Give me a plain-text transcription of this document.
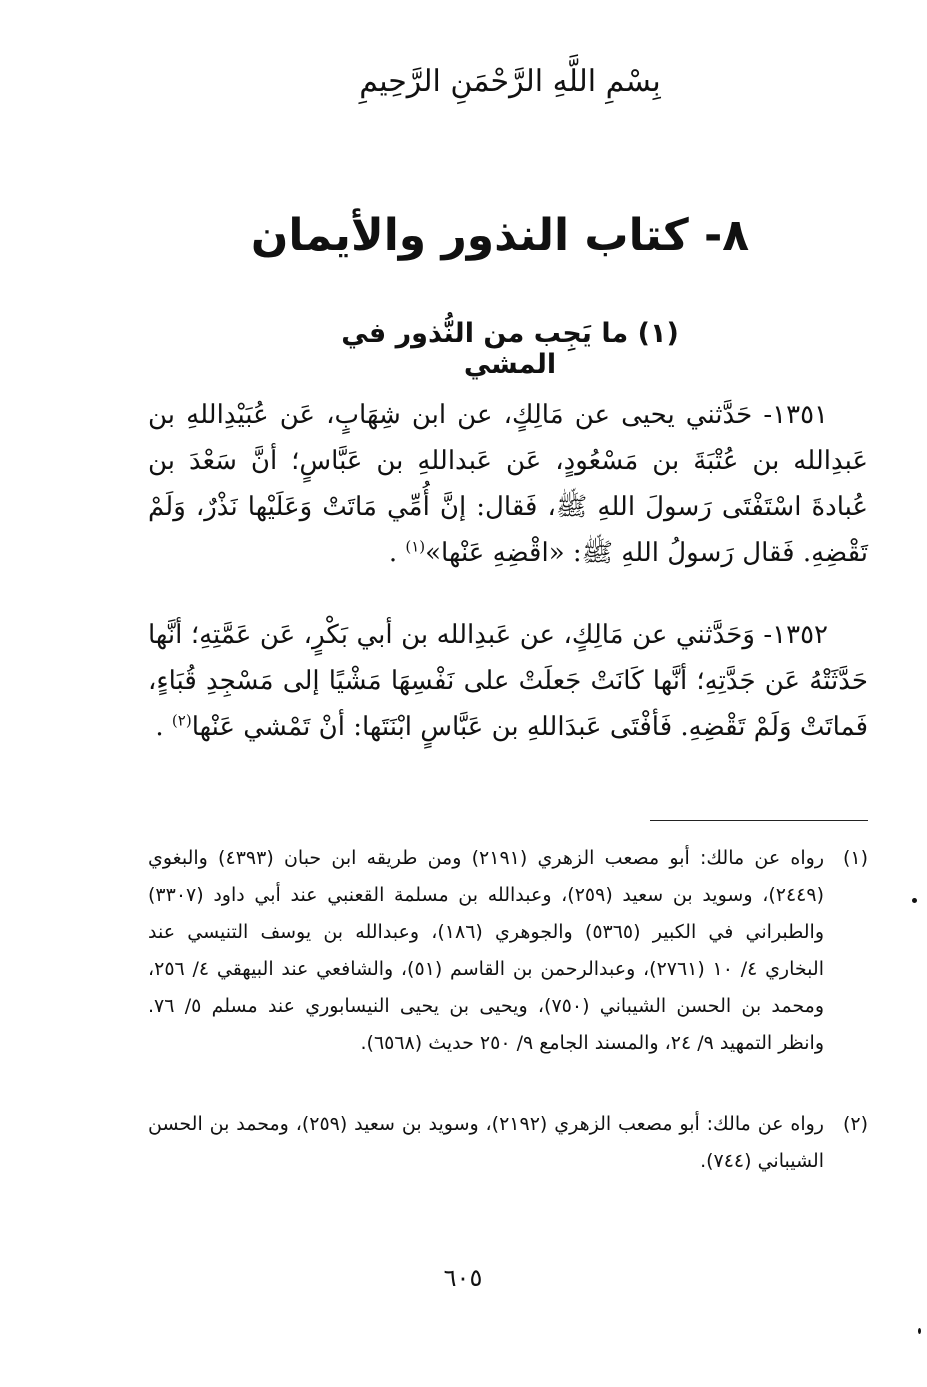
بِسْمِ اللَّهِ الرَّحْمَنِ الرَّحِيمِ
٨- كتاب النذور والأيمان
(١) ما يَجِب من النُّذور في المشي
١٣٥١- حَدَّثني يحيى عن مَالِكٍ، عن ابن شِهَابٍ، عَن عُبَيْدِاللهِ بن عَبدِالله بن عُتْبَةَ بن مَسْعُودٍ، عَن عَبداللهِ بن عَبَّاسٍ؛ أنَّ سَعْدَ بن عُبادةَ اسْتَفْتَى رَسولَ اللهِ ﷺ، فَقال: إنَّ أُمِّي مَاتَتْ وَعَلَيْها نَذْرٌ، وَلَمْ تَقْضِهِ. فَقال رَسولُ اللهِ ﷺ: «اقْضِهِ عَنْها»$^{(١)}$ .
١٣٥٢- وَحَدَّثني عن مَالِكٍ، عن عَبدِالله بن أبي بَكْرٍ، عَن عَمَّتِهِ؛ أنَّها حَدَّثَتْهُ عَن جَدَّتِهِ؛ أنَّها كَانَتْ جَعلَتْ على نَفْسِهَا مَشْيًا إلى مَسْجِدِ قُبَاءٍ، فَماتَتْ وَلَمْ تَقْضِهِ. فَأفْتَى عَبدَاللهِ بن عَبَّاسٍ ابْنَتَها: أنْ تَمْشي عَنْها$^{(٢)}$ .
(١)
رواه عن مالك: أبو مصعب الزهري (٢١٩١) ومن طريقه ابن حبان (٤٣٩٣) والبغوي (٢٤٤٩)، وسويد بن سعيد (٢٥٩)، وعبدالله بن مسلمة القعنبي عند أبي داود (٣٣٠٧) والطبراني في الكبير (٥٣٦٥) والجوهري (١٨٦)، وعبدالله بن يوسف التنيسي عند البخاري ٤/ ١٠ (٢٧٦١)، وعبدالرحمن بن القاسم (٥١)، والشافعي عند البيهقي ٤/ ٢٥٦، ومحمد بن الحسن الشيباني (٧٥٠)، ويحيى بن يحيى النيسابوري عند مسلم ٥/ ٧٦. وانظر التمهيد ٩/ ٢٤، والمسند الجامع ٩/ ٢٥٠ حديث (٦٥٦٨).
(٢)
رواه عن مالك: أبو مصعب الزهري (٢١٩٢)، وسويد بن سعيد (٢٥٩)، ومحمد بن الحسن الشيباني (٧٤٤).
٦٠٥
